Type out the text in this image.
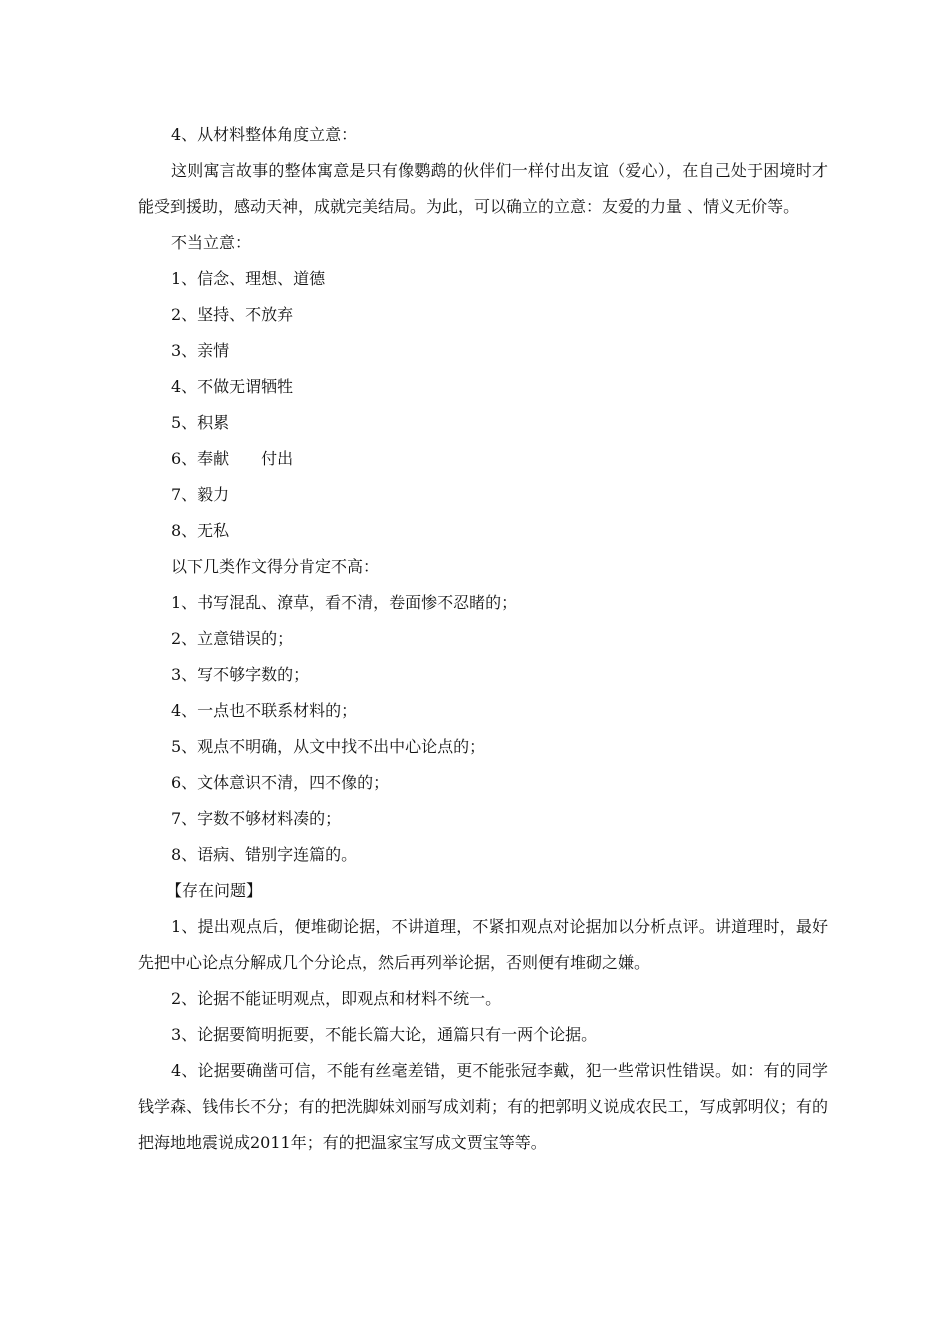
4、从材料整体角度立意：

这则寓言故事的整体寓意是只有像鹦鹉的伙伴们一样付出友谊（爱心），在自己处于困境时才能受到援助，感动天神，成就完美结局。为此，可以确立的立意：友爱的力量 、情义无价等。

不当立意：
1、信念、理想、道德
2、坚持、不放弃
3、亲情
4、不做无谓牺牲
5、积累
6、奉献　　付出
7、毅力
8、无私
以下几类作文得分肯定不高：
1、书写混乱、潦草，看不清，卷面惨不忍睹的；
2、立意错误的；
3、写不够字数的；
4、一点也不联系材料的；
5、观点不明确，从文中找不出中心论点的；
6、文体意识不清，四不像的；
7、字数不够材料凑的；
8、语病、错别字连篇的。
【存在问题】

1、提出观点后，便堆砌论据，不讲道理，不紧扣观点对论据加以分析点评。讲道理时，最好先把中心论点分解成几个分论点，然后再列举论据，否则便有堆砌之嫌。

2、论据不能证明观点，即观点和材料不统一。

3、论据要简明扼要，不能长篇大论，通篇只有一两个论据。

4、论据要确凿可信，不能有丝毫差错，更不能张冠李戴，犯一些常识性错误。如：有的同学钱学森、钱伟长不分；有的把洗脚妹刘丽写成刘莉；有的把郭明义说成农民工，写成郭明仪；有的把海地地震说成2011年；有的把温家宝写成文贾宝等等。
